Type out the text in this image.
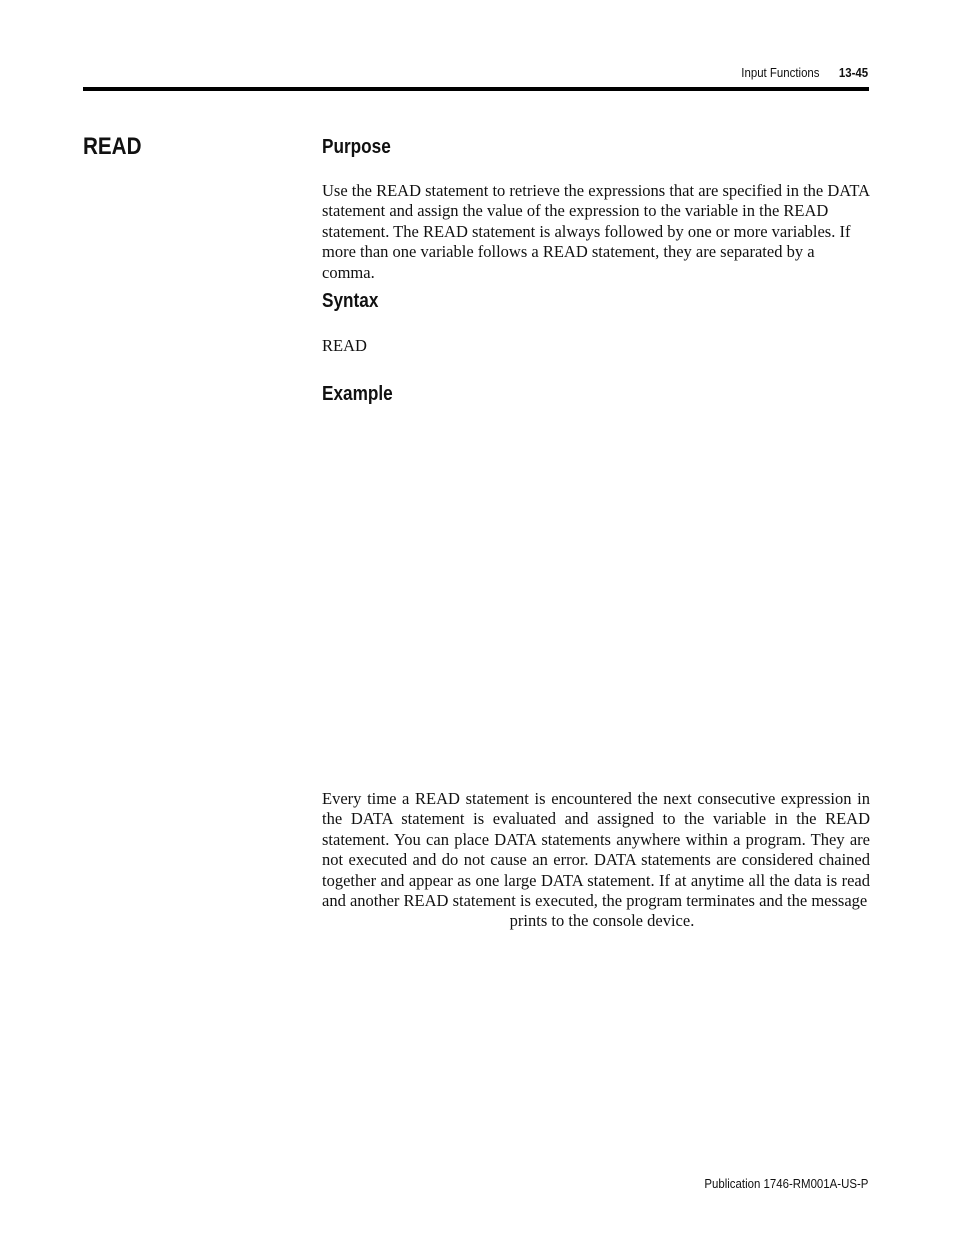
Input Functions 13-45
READ	Purpose

Use the READ statement to retrieve the expressions that are specified in the DATA statement and assign the value of the expression to the variable in the READ statement. The READ statement is always followed by one or more variables. If more than one variable follows a READ statement, they are separated by a comma.

Syntax

READ

Example

Every time a READ statement is encountered the next consecutive expression in the DATA statement is evaluated and assigned to the variable in the READ statement. You can place DATA statements anywhere within a program. They are not executed and do not cause an error. DATA statements are considered chained together and appear as one large DATA statement. If at anytime all the data is read and another READ statement is executed, the program terminates and the message
prints to the console device.

Publication 1746-RM001A-US-P
